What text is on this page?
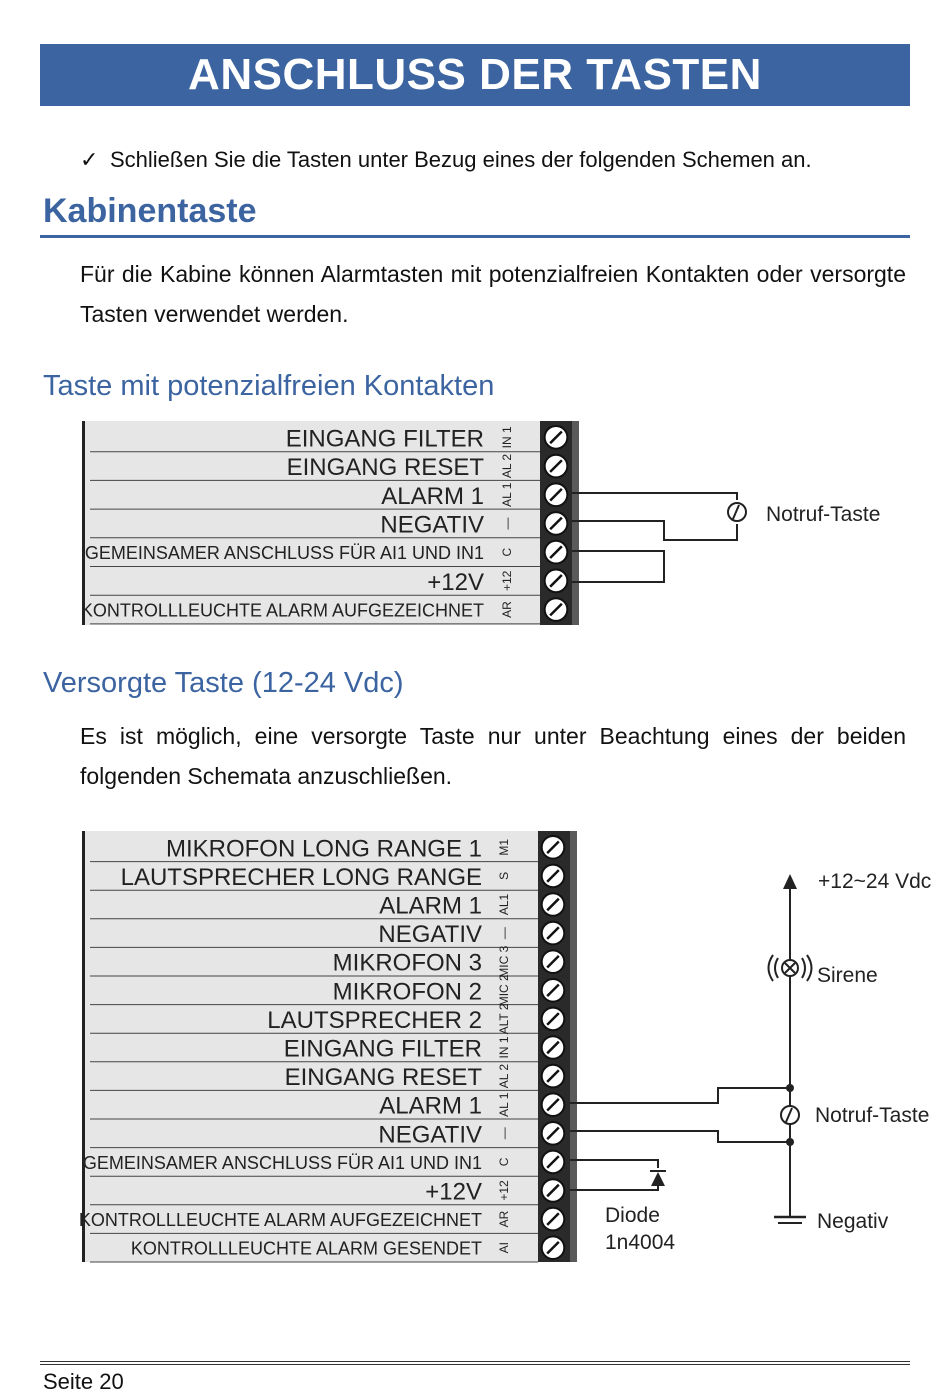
ANSCHLUSS DER TASTEN
✓ Schließen Sie die Tasten unter Bezug eines der folgenden Schemen an.
Kabinentaste
Für die Kabine können Alarmtasten mit potenzialfreien Kontakten oder versorgte Tasten verwendet werden.
Taste mit potenzialfreien Kontakten
EINGANG FILTER IN 1
EINGANG RESET AL 2
ALARM 1 AL 1
NEGATIV —
GEMEINSAMER ANSCHLUSS FÜR AI1 UND IN1 C
+12V +12
KONTROLLLEUCHTE ALARM AUFGEZEICHNET AR
Notruf-Taste
Versorgte Taste (12-24 Vdc)
Es ist möglich, eine versorgte Taste nur unter Beachtung eines der beiden folgenden Schemata anzuschließen.
MIKROFON LONG RANGE 1 M1
LAUTSPRECHER LONG RANGE S
ALARM 1 AL1
NEGATIV —
MIKROFON 3 MIC 3
MIKROFON 2 MIC 2
LAUTSPRECHER 2 ALT 2
EINGANG FILTER IN 1
EINGANG RESET AL 2
ALARM 1 AL 1
NEGATIV —
GEMEINSAMER ANSCHLUSS FÜR AI1 UND IN1 C
+12V +12
KONTROLLLEUCHTE ALARM AUFGEZEICHNET AR
KONTROLLLEUCHTE ALARM GESENDET AI
+12~24 Vdc
Sirene
Notruf-Taste
Negativ
Diode
1n4004
Seite 20
